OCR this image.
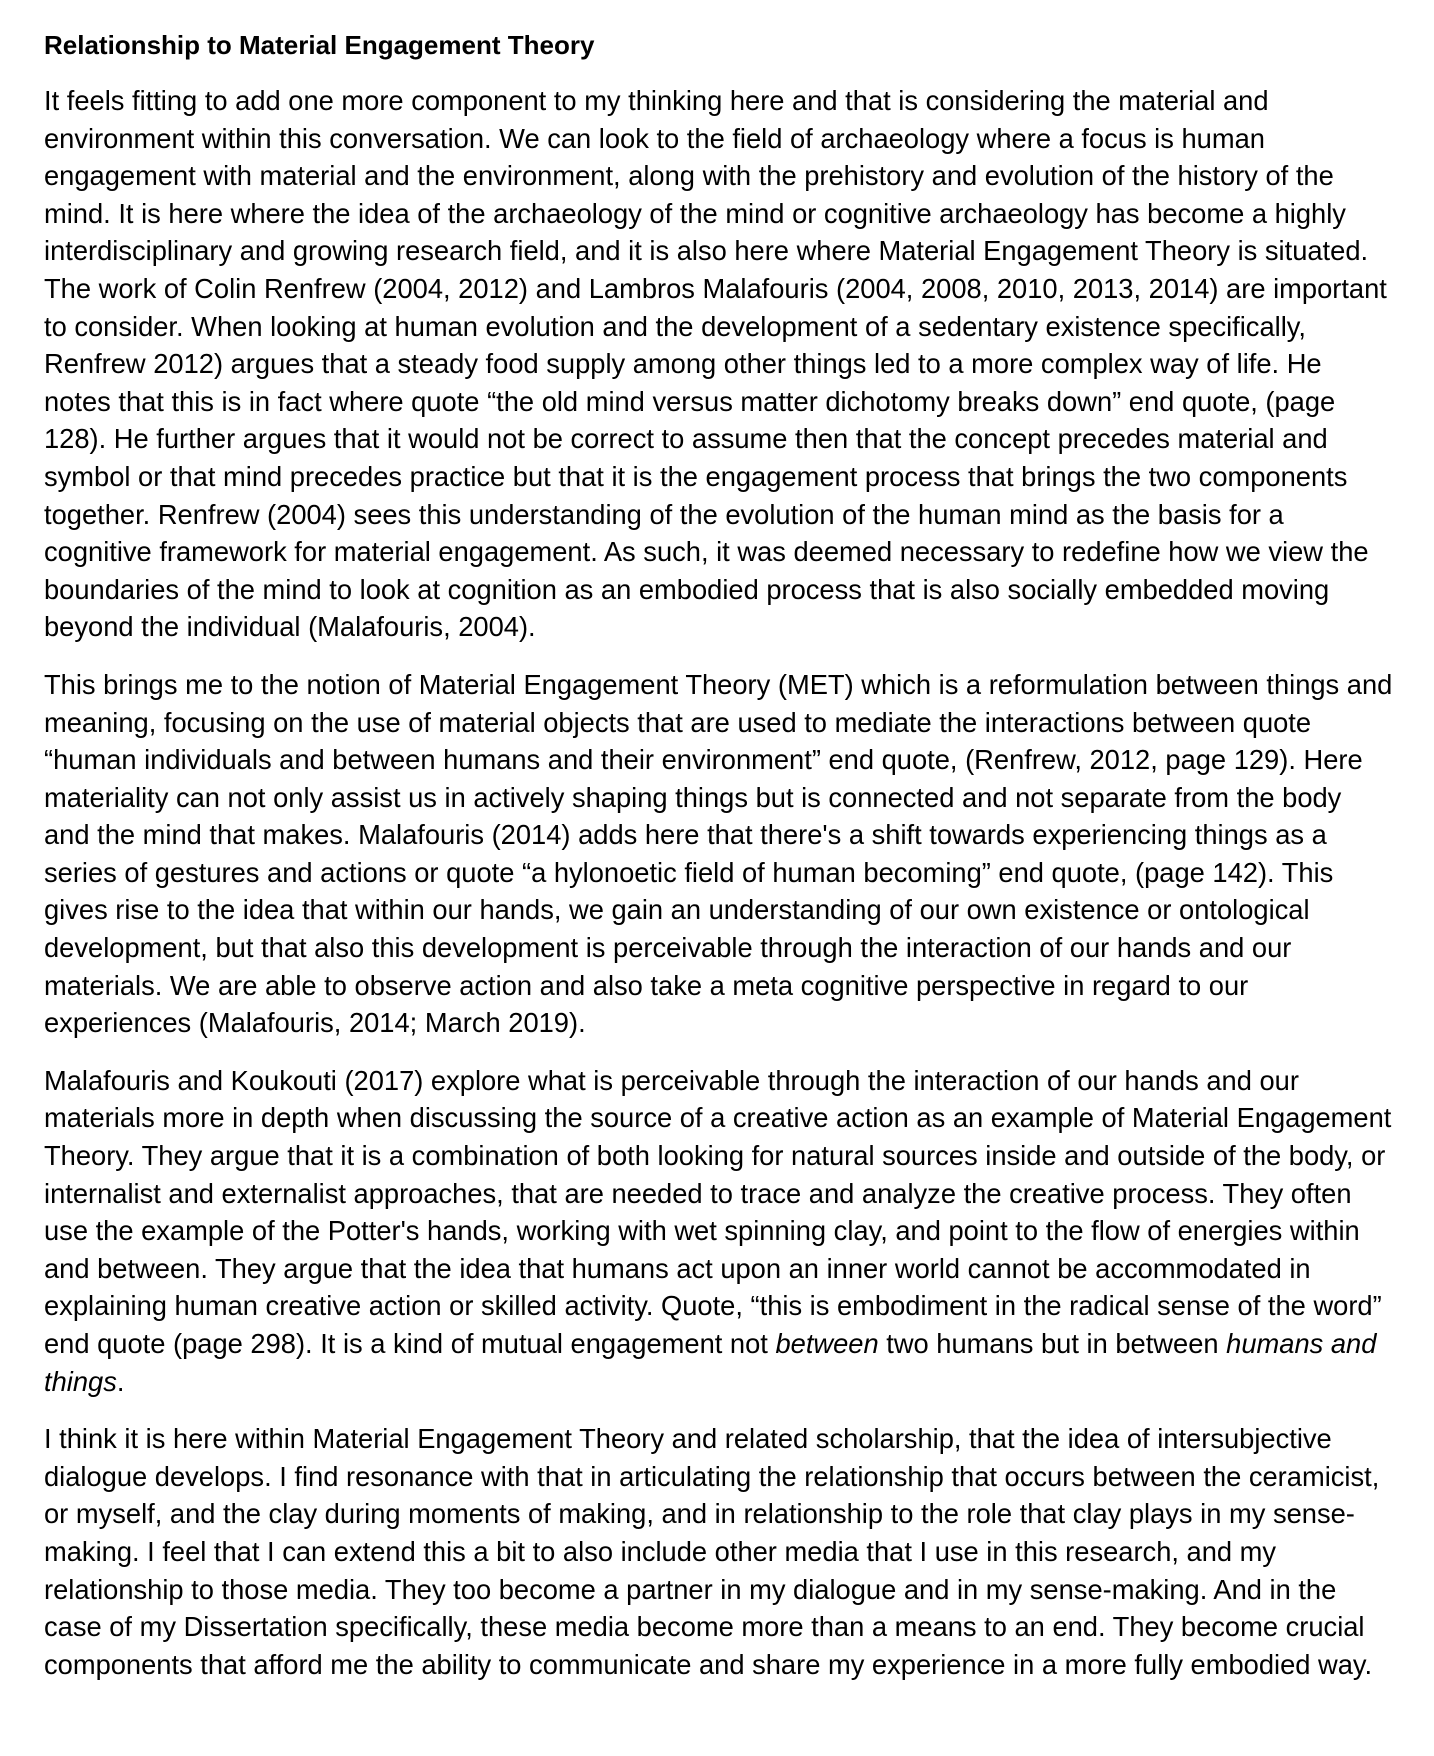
Relationship to Material Engagement Theory

It feels fitting to add one more component to my thinking here and that is considering the material and environment within this conversation. We can look to the field of archaeology where a focus is human engagement with material and the environment, along with the prehistory and evolution of the history of the mind. It is here where the idea of the archaeology of the mind or cognitive archaeology has become a highly interdisciplinary and growing research field, and it is also here where Material Engagement Theory is situated. The work of Colin Renfrew (2004, 2012) and Lambros Malafouris (2004, 2008, 2010, 2013, 2014) are important to consider. When looking at human evolution and the development of a sedentary existence specifically, Renfrew 2012) argues that a steady food supply among other things led to a more complex way of life. He notes that this is in fact where quote “the old mind versus matter dichotomy breaks down” end quote, (page 128). He further argues that it would not be correct to assume then that the concept precedes material and symbol or that mind precedes practice but that it is the engagement process that brings the two components together. Renfrew (2004) sees this understanding of the evolution of the human mind as the basis for a cognitive framework for material engagement. As such, it was deemed necessary to redefine how we view the boundaries of the mind to look at cognition as an embodied process that is also socially embedded moving beyond the individual (Malafouris, 2004).

This brings me to the notion of Material Engagement Theory (MET) which is a reformulation between things and meaning, focusing on the use of material objects that are used to mediate the interactions between quote “human individuals and between humans and their environment” end quote, (Renfrew, 2012, page 129). Here materiality can not only assist us in actively shaping things but is connected and not separate from the body and the mind that makes. Malafouris (2014) adds here that there's a shift towards experiencing things as a series of gestures and actions or quote “a hylonoetic field of human becoming” end quote, (page 142). This gives rise to the idea that within our hands, we gain an understanding of our own existence or ontological development, but that also this development is perceivable through the interaction of our hands and our materials. We are able to observe action and also take a meta cognitive perspective in regard to our experiences (Malafouris, 2014; March 2019).

Malafouris and Koukouti (2017) explore what is perceivable through the interaction of our hands and our materials more in depth when discussing the source of a creative action as an example of Material Engagement Theory. They argue that it is a combination of both looking for natural sources inside and outside of the body, or internalist and externalist approaches, that are needed to trace and analyze the creative process. They often use the example of the Potter's hands, working with wet spinning clay, and point to the flow of energies within and between. They argue that the idea that humans act upon an inner world cannot be accommodated in explaining human creative action or skilled activity. Quote, “this is embodiment in the radical sense of the word” end quote (page 298). It is a kind of mutual engagement not between two humans but in between humans and things.

I think it is here within Material Engagement Theory and related scholarship, that the idea of intersubjective dialogue develops. I find resonance with that in articulating the relationship that occurs between the ceramicist, or myself, and the clay during moments of making, and in relationship to the role that clay plays in my sense-making. I feel that I can extend this a bit to also include other media that I use in this research, and my relationship to those media. They too become a partner in my dialogue and in my sense-making. And in the case of my Dissertation specifically, these media become more than a means to an end. They become crucial components that afford me the ability to communicate and share my experience in a more fully embodied way.
